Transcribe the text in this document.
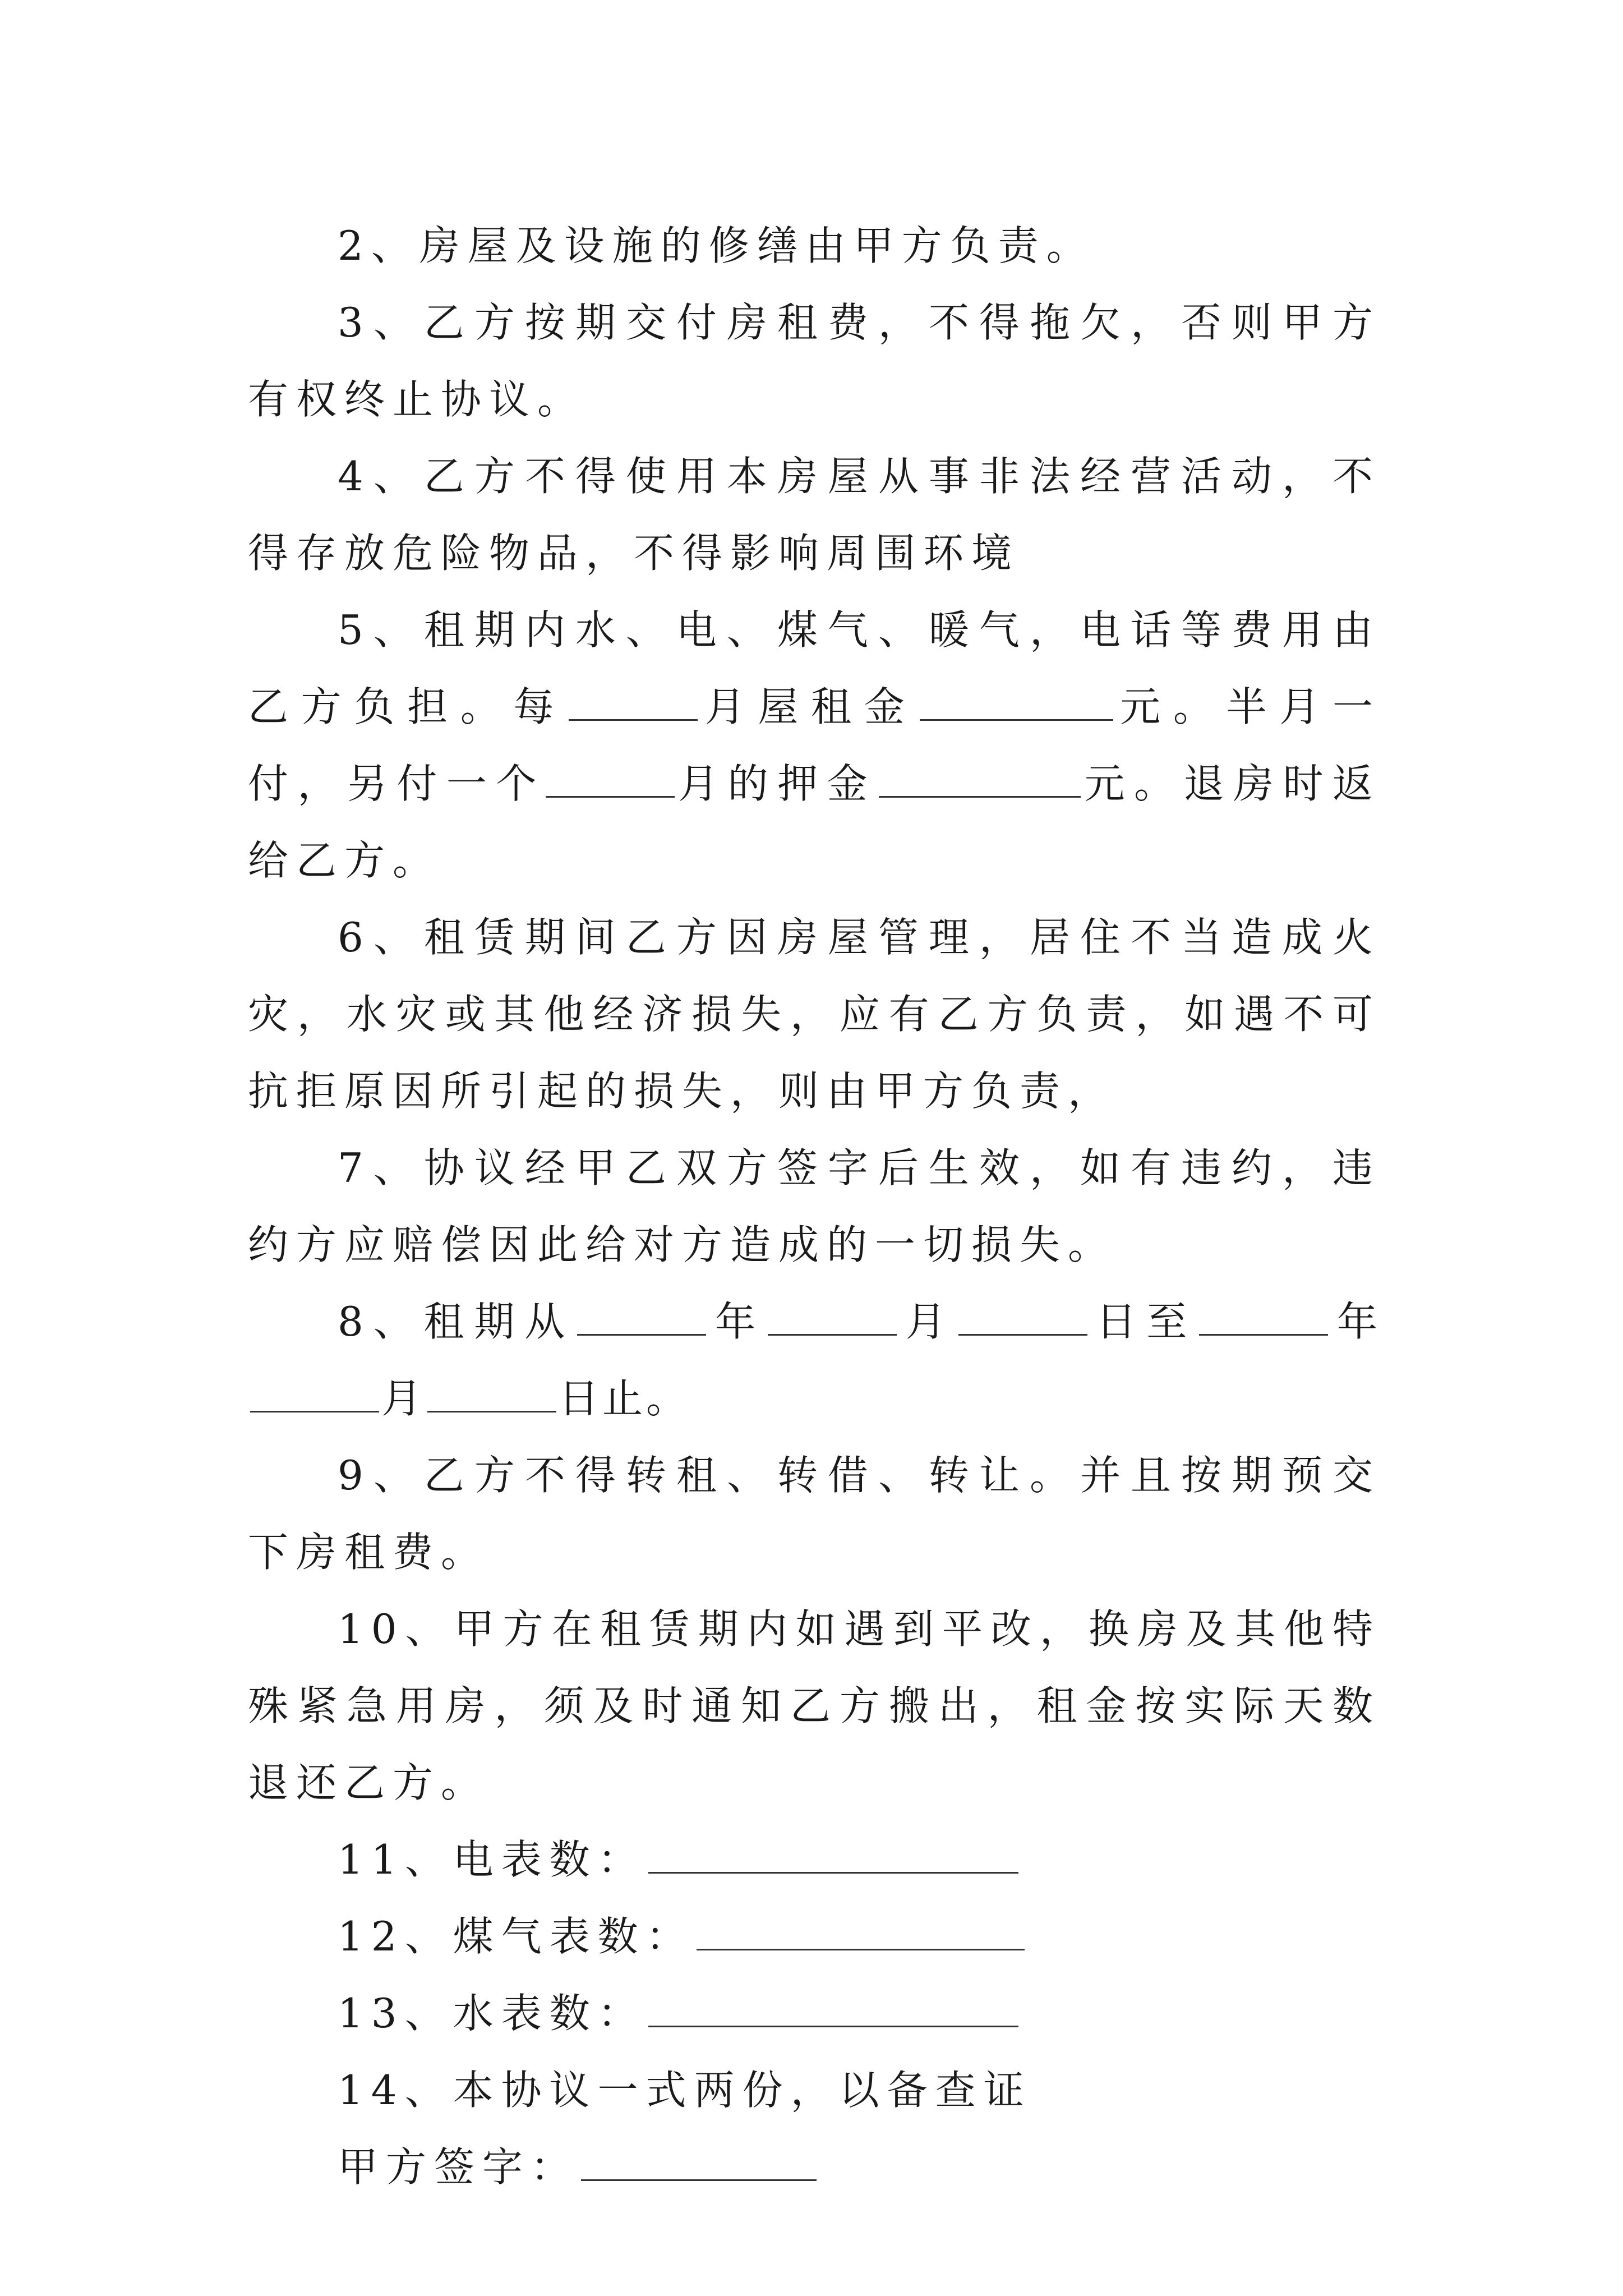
2、房屋及设施的修缮由甲方负责。

3、乙方按期交付房租费，不得拖欠，否则甲方有权终止协议。

4、乙方不得使用本房屋从事非法经营活动，不得存放危险物品，不得影响周围环境

5、租期内水、电、煤气、暖气，电话等费用由乙方负担。每	月屋租金	元。半月一付，另付一个	月的押金	元。退房时返给乙方。

6、租赁期间乙方因房屋管理，居住不当造成火灾，水灾或其他经济损失，应有乙方负责，如遇不可抗拒原因所引起的损失，则由甲方负责，

7、协议经甲乙双方签字后生效，如有违约，违约方应赔偿因此给对方造成的一切损失。

8、租期从	年	月	日至	年月	日止。

9、乙方不得转租、转借、转让。并且按期预交下房租费。

10、甲方在租赁期内如遇到平改，换房及其他特殊紧急用房，须及时通知乙方搬出，租金按实际天数退还乙方。

11、电表数：

12、煤气表数：

13、水表数：

14、本协议一式两份，以备查证

甲方签字：
